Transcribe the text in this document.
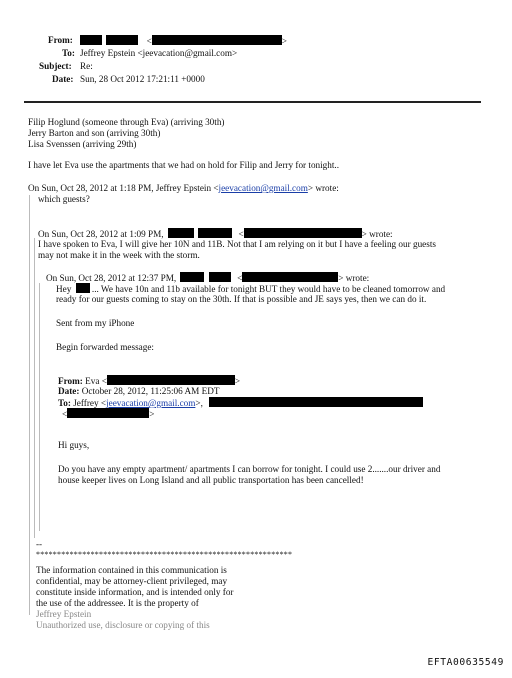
From:	<	>
To: Jeffrey Epstein <jeevacation@gmail.com>
Subject: Re:
Date: Sun, 28 Oct 2012 17:21:11 +0000
Filip Hoglund (someone through Eva) (arriving 30th)
Jerry Barton and son (arriving 30th)
Lisa Svenssen (arriving 29th)
I have let Eva use the apartments that we had on hold for Filip and Jerry for tonight..
On Sun, Oct 28, 2012 at 1:18 PM, Jeffrey Epstein <jeevacation@gmail.com> wrote:
which guests?
On Sun, Oct 28, 2012 at 1:09 PM,	<	> wrote:
I have spoken to Eva, I will give her 10N and 11B. Not that I am relying on it but I have a feeling our guests
may not make it in the week with the storm.
On Sun, Oct 28, 2012 at 12:37 PM,	<	> wrote:
Hey ... We have 10n and 11b available for tonight BUT they would have to be cleaned tomorrow and
ready for our guests coming to stay on the 30th. If that is possible and JE says yes, then we can do it.
Sent from my iPhone
Begin forwarded message:
From: Eva <	>
Date: October 28, 2012, 11:25:06 AM EDT
To: Jeffrey <jeevacation@gmail.com>,
<	>
Hi guys,
Do you have any empty apartment/ apartments I can borrow for tonight. I could use 2.......our driver and
house keeper lives on Long Island and all public transportation has been cancelled!
--
*************************************************************
The information contained in this communication is
confidential, may be attorney-client privileged, may
constitute inside information, and is intended only for
the use of the addressee. It is the property of
Jeffrey Epstein
Unauthorized use, disclosure or copying of this
EFTA00635549
